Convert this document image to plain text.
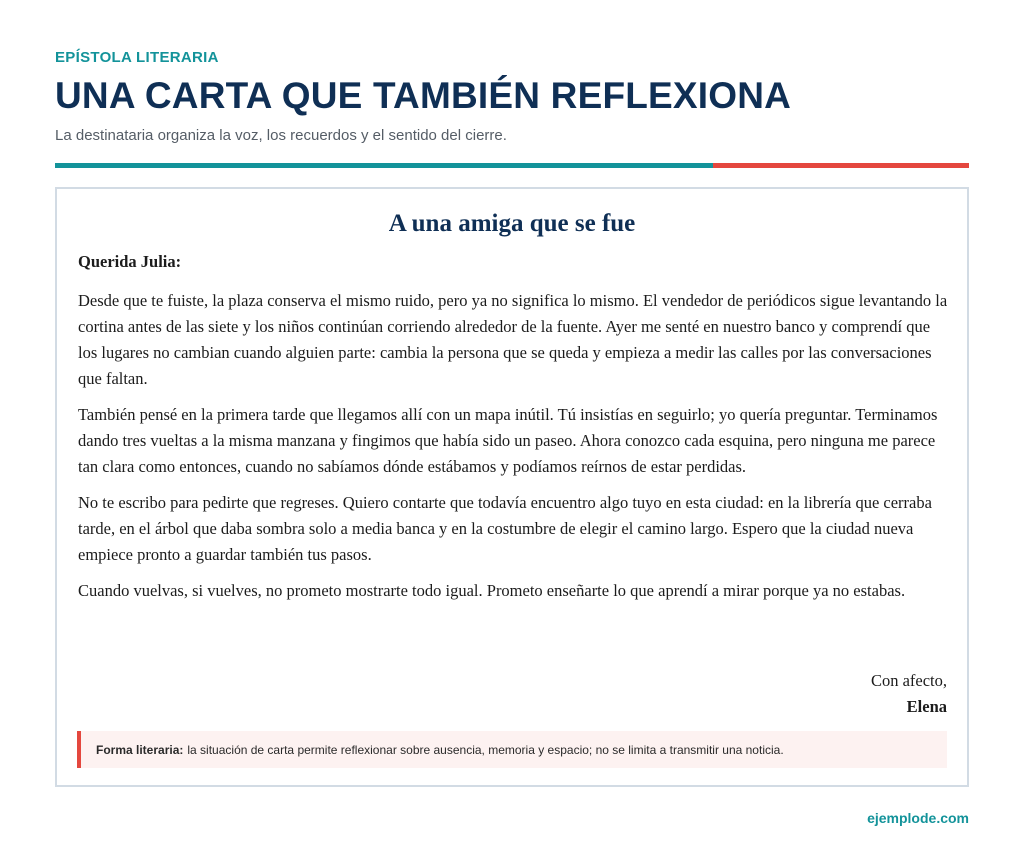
EPÍSTOLA LITERARIA
UNA CARTA QUE TAMBIÉN REFLEXIONA
La destinataria organiza la voz, los recuerdos y el sentido del cierre.
A una amiga que se fue
Querida Julia:

Desde que te fuiste, la plaza conserva el mismo ruido, pero ya no significa lo mismo. El vendedor de periódicos sigue levantando la cortina antes de las siete y los niños continúan corriendo alrededor de la fuente. Ayer me senté en nuestro banco y comprendí que los lugares no cambian cuando alguien parte: cambia la persona que se queda y empieza a medir las calles por las conversaciones que faltan.

También pensé en la primera tarde que llegamos allí con un mapa inútil. Tú insistías en seguirlo; yo quería preguntar. Terminamos dando tres vueltas a la misma manzana y fingimos que había sido un paseo. Ahora conozco cada esquina, pero ninguna me parece tan clara como entonces, cuando no sabíamos dónde estábamos y podíamos reírnos de estar perdidas.

No te escribo para pedirte que regreses. Quiero contarte que todavía encuentro algo tuyo en esta ciudad: en la librería que cerraba tarde, en el árbol que daba sombra solo a media banca y en la costumbre de elegir el camino largo. Espero que la ciudad nueva empiece pronto a guardar también tus pasos.

Cuando vuelvas, si vuelves, no prometo mostrarte todo igual. Prometo enseñarte lo que aprendí a mirar porque ya no estabas.

Con afecto,
Elena
Forma literaria: la situación de carta permite reflexionar sobre ausencia, memoria y espacio; no se limita a transmitir una noticia.
ejemplode.com
